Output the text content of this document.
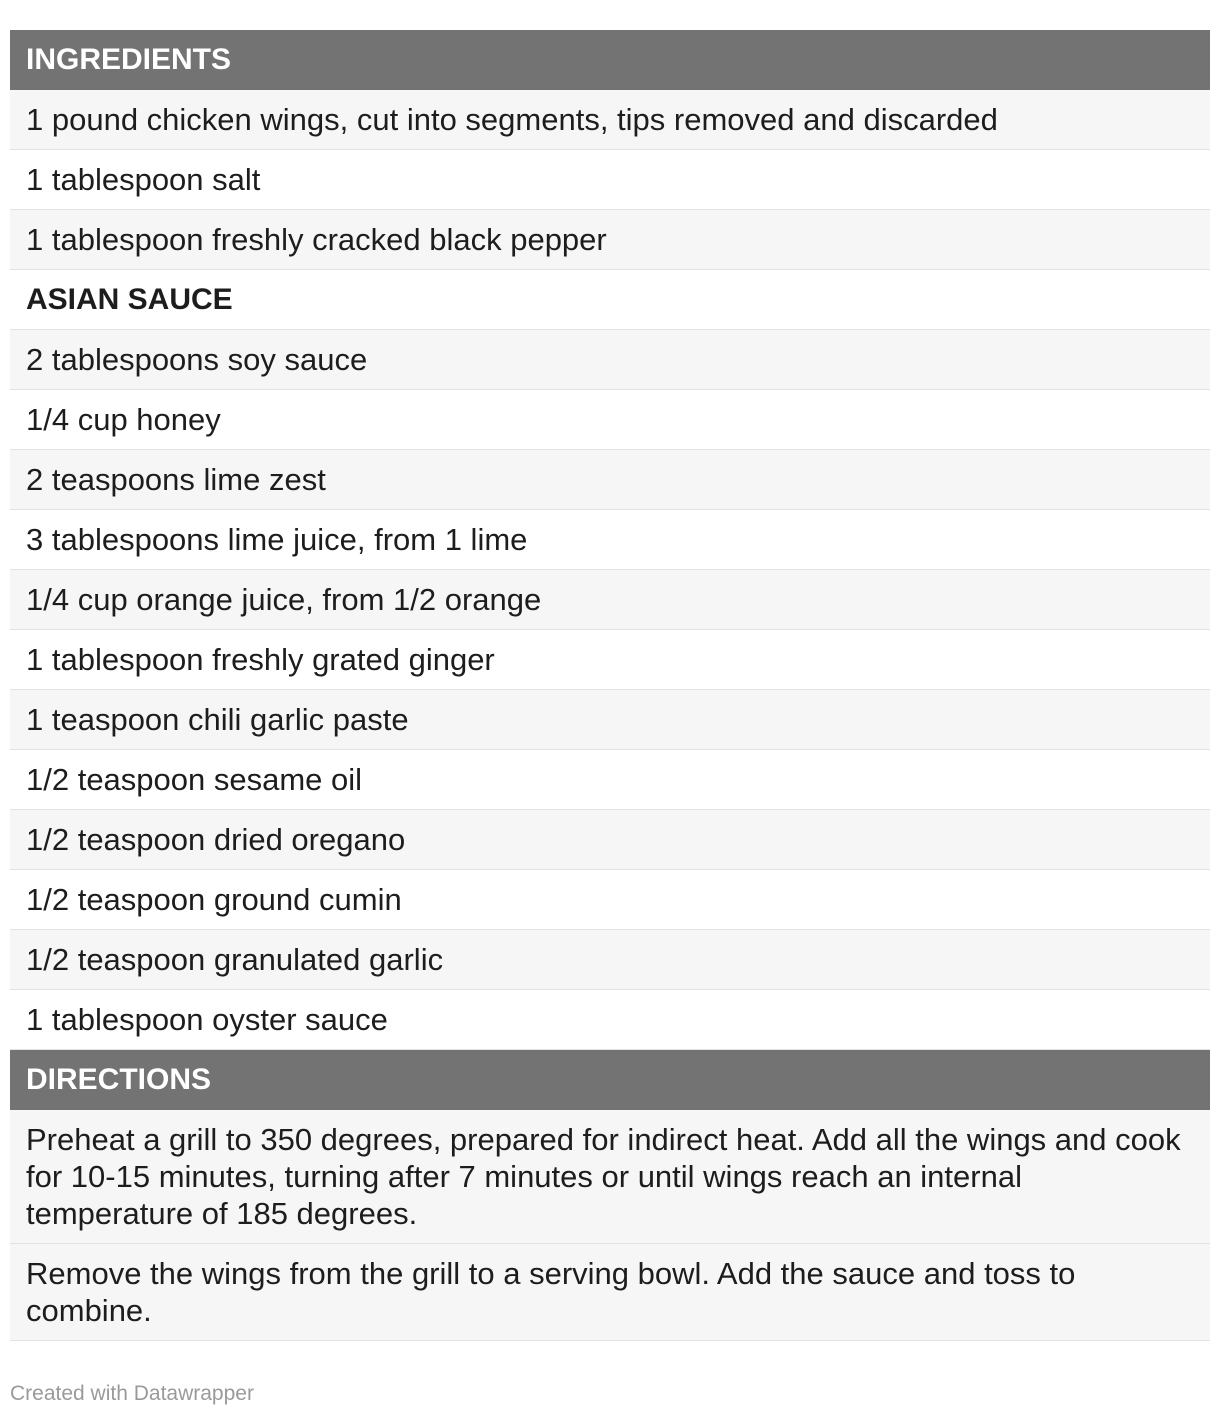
INGREDIENTS
1 pound chicken wings, cut into segments, tips removed and discarded
1 tablespoon salt
1 tablespoon freshly cracked black pepper
ASIAN SAUCE
2 tablespoons soy sauce
1/4 cup honey
2 teaspoons lime zest
3 tablespoons lime juice, from 1 lime
1/4 cup orange juice, from 1/2 orange
1 tablespoon freshly grated ginger
1 teaspoon chili garlic paste
1/2 teaspoon sesame oil
1/2 teaspoon dried oregano
1/2 teaspoon ground cumin
1/2 teaspoon granulated garlic
1 tablespoon oyster sauce
DIRECTIONS
Preheat a grill to 350 degrees, prepared for indirect heat. Add all the wings and cook for 10-15 minutes, turning after 7 minutes or until wings reach an internal temperature of 185 degrees.
Remove the wings from the grill to a serving bowl. Add the sauce and toss to combine.
Created with Datawrapper
